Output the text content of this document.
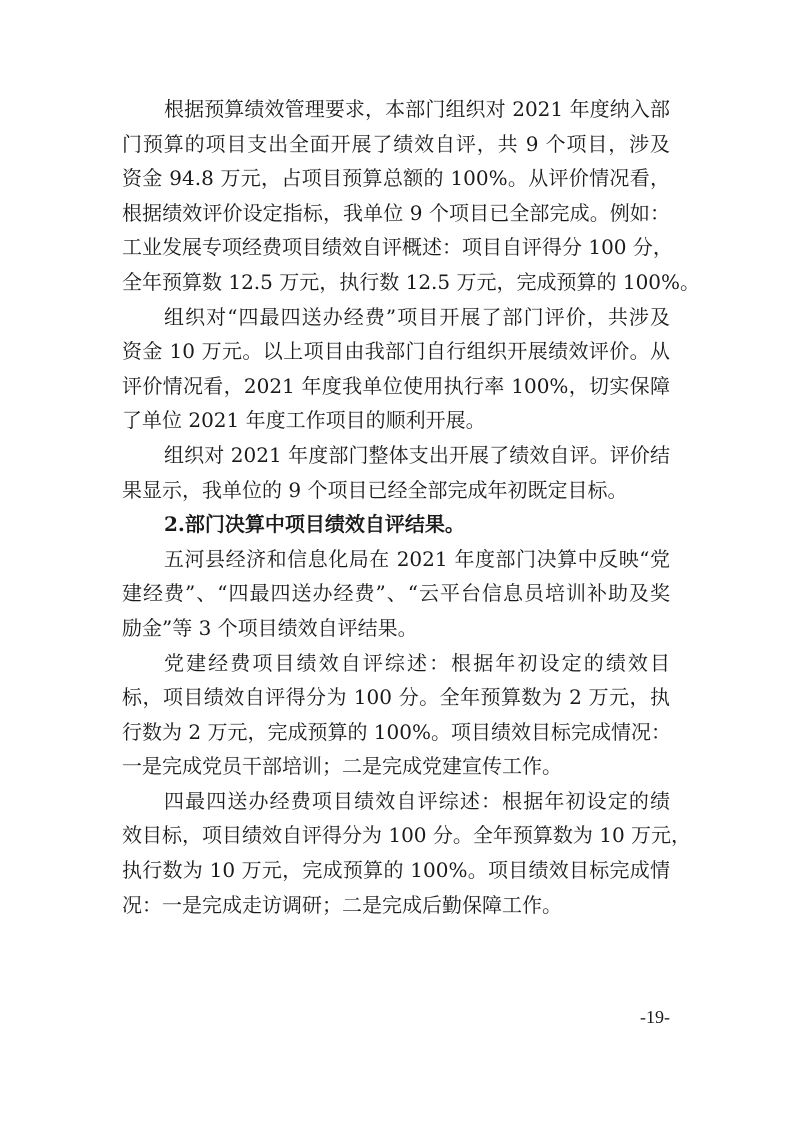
根据预算绩效管理要求，本部门组织对 2021 年度纳入部
门预算的项目支出全面开展了绩效自评，共 9 个项目，涉及
资金 94.8 万元，占项目预算总额的 100%。从评价情况看，
根据绩效评价设定指标，我单位 9 个项目已全部完成。例如：
工业发展专项经费项目绩效自评概述：项目自评得分 100 分，
全年预算数 12.5 万元，执行数 12.5 万元，完成预算的 100%。
组织对“四最四送办经费”项目开展了部门评价，共涉及
资金 10 万元。以上项目由我部门自行组织开展绩效评价。从
评价情况看，2021 年度我单位使用执行率 100%，切实保障
了单位 2021 年度工作项目的顺利开展。
组织对 2021 年度部门整体支出开展了绩效自评。评价结
果显示，我单位的 9 个项目已经全部完成年初既定目标。
2.部门决算中项目绩效自评结果。
五河县经济和信息化局在 2021 年度部门决算中反映“党
建经费”、“四最四送办经费”、“云平台信息员培训补助及奖
励金”等 3 个项目绩效自评结果。
党建经费项目绩效自评综述：根据年初设定的绩效目
标，项目绩效自评得分为 100 分。全年预算数为 2 万元，执
行数为 2 万元，完成预算的 100%。项目绩效目标完成情况：
一是完成党员干部培训；二是完成党建宣传工作。
四最四送办经费项目绩效自评综述：根据年初设定的绩
效目标，项目绩效自评得分为 100 分。全年预算数为 10 万元，
执行数为 10 万元，完成预算的 100%。项目绩效目标完成情
况：一是完成走访调研；二是完成后勤保障工作。
-19-
